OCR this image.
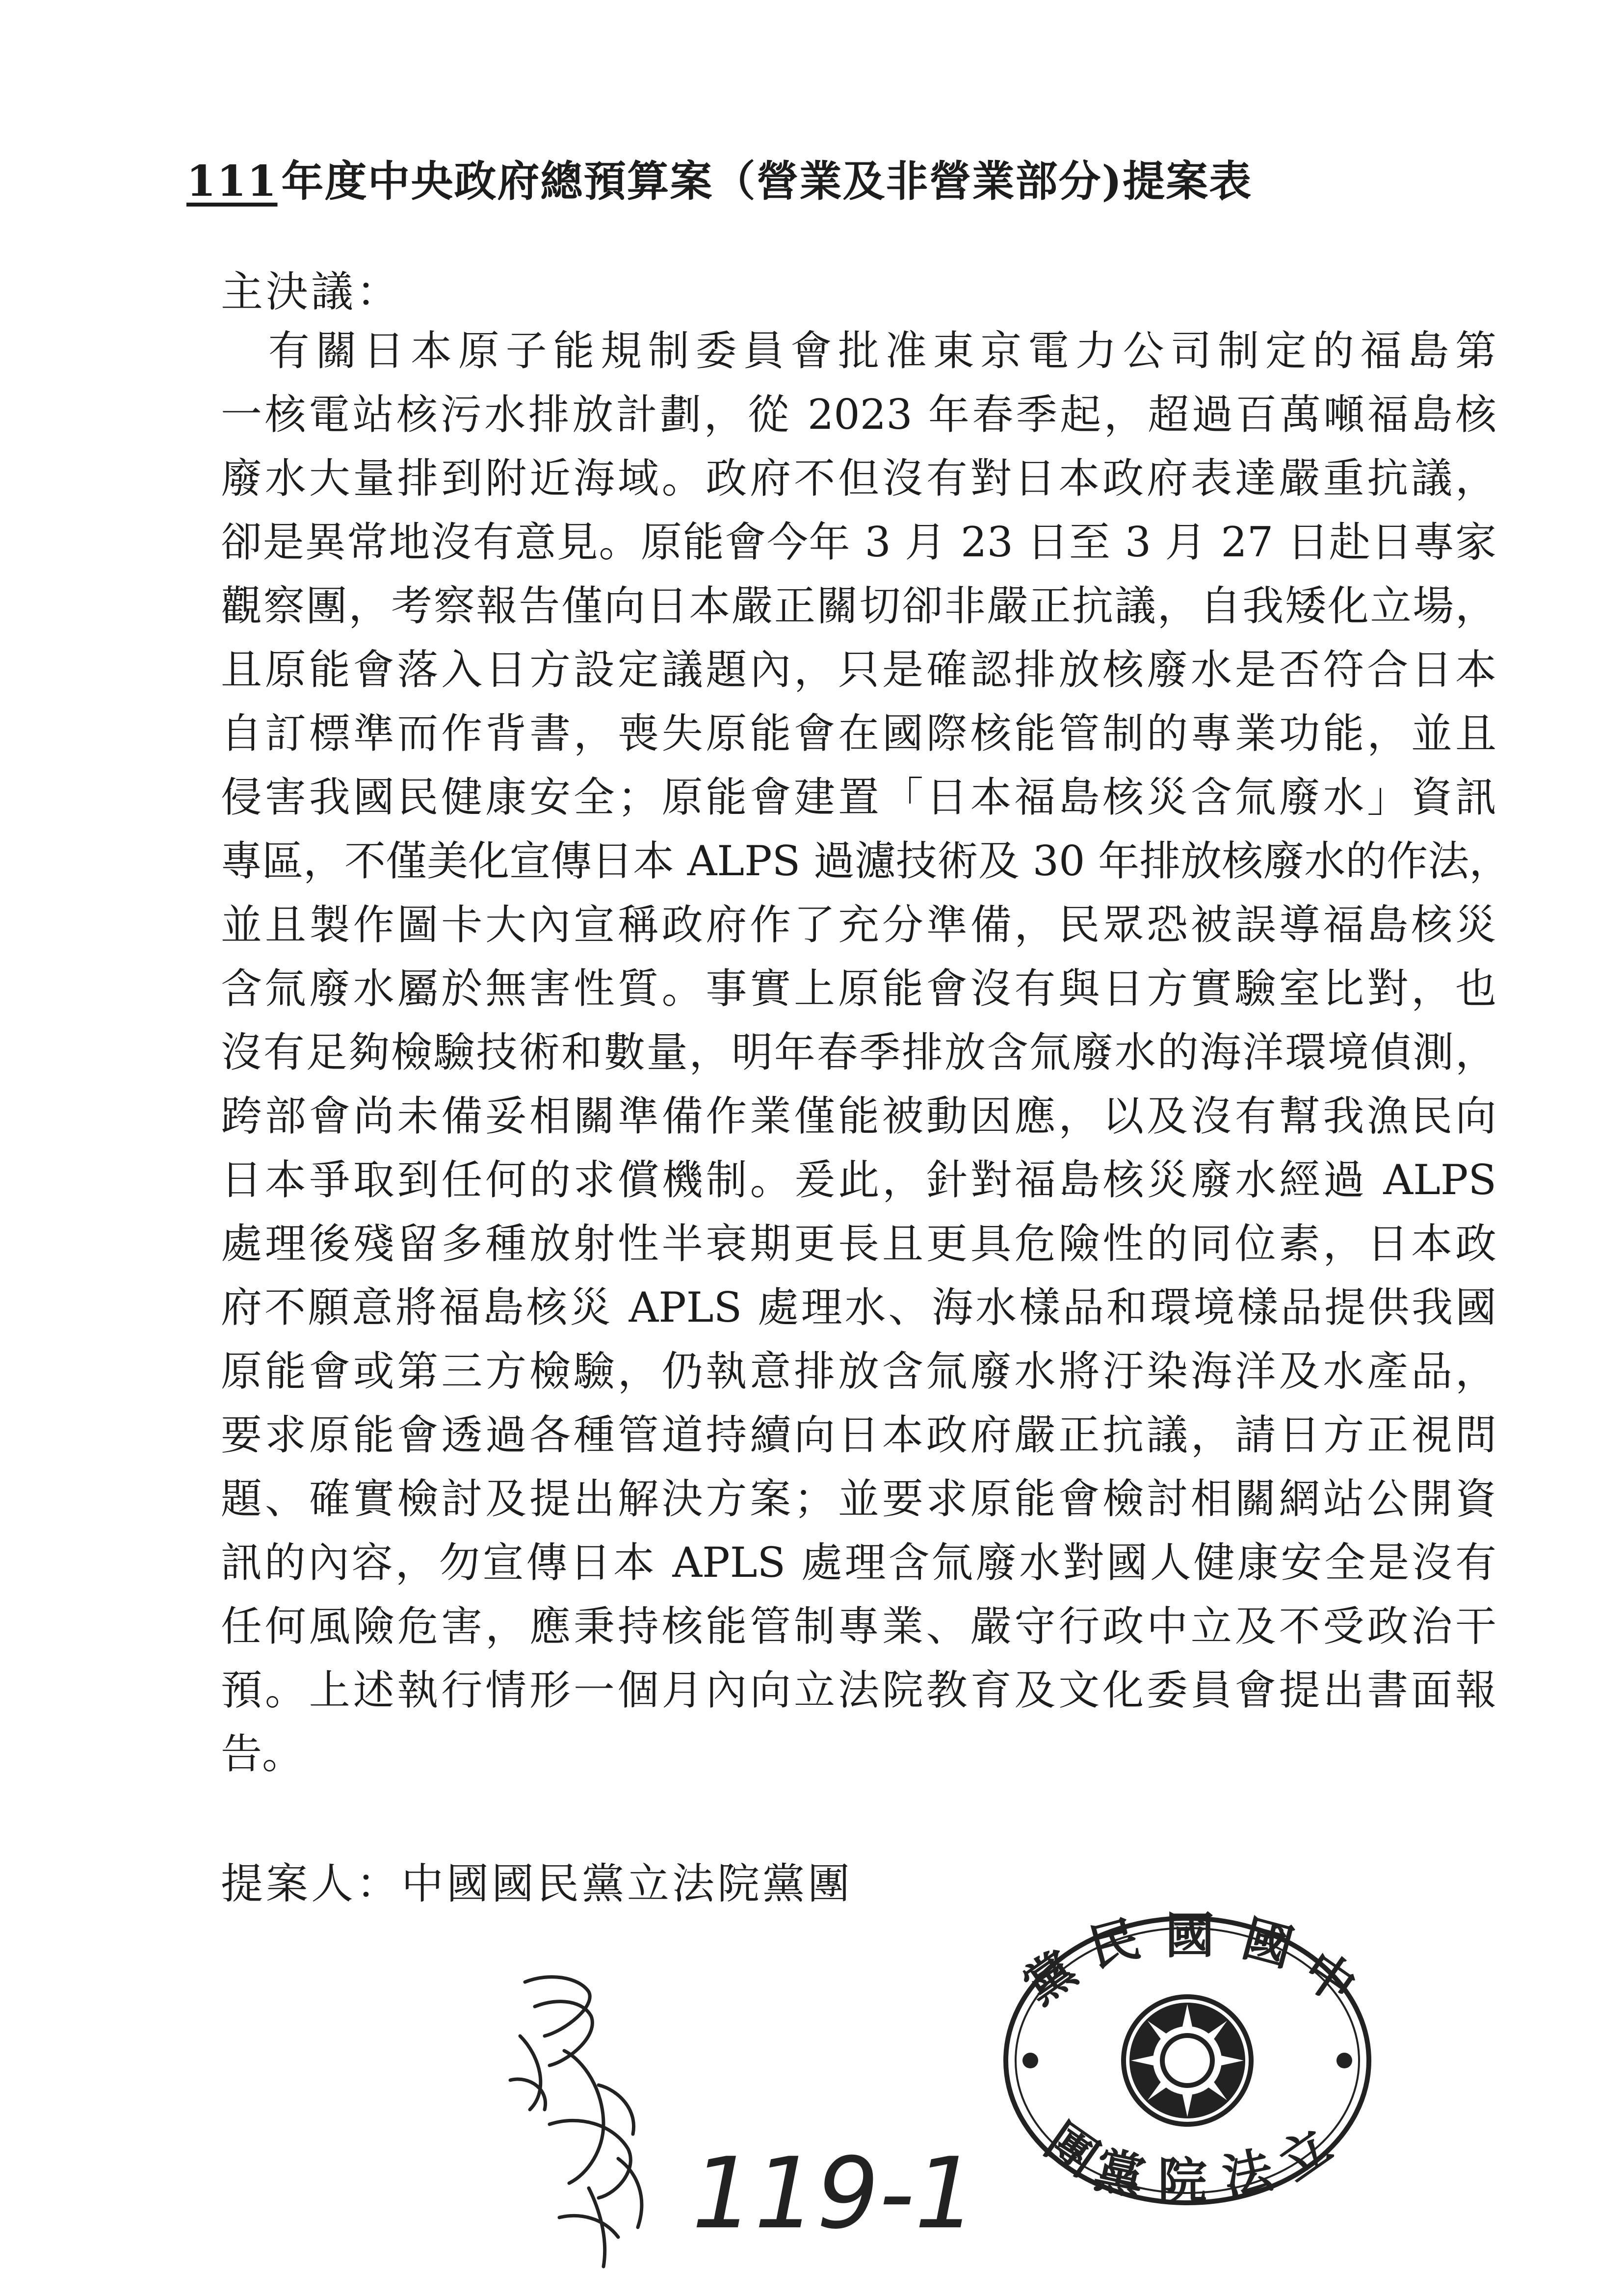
111年度中央政府總預算案（營業及非營業部分)提案表
主決議：
　有關日本原子能規制委員會批准東京電力公司制定的福島第
一核電站核污水排放計劃，從 2023 年春季起，超過百萬噸福島核
廢水大量排到附近海域。政府不但沒有對日本政府表達嚴重抗議，
卻是異常地沒有意見。原能會今年 3 月 23 日至 3 月 27 日赴日專家
觀察團，考察報告僅向日本嚴正關切卻非嚴正抗議，自我矮化立場，
且原能會落入日方設定議題內，只是確認排放核廢水是否符合日本
自訂標準而作背書，喪失原能會在國際核能管制的專業功能，並且
侵害我國民健康安全；原能會建置「日本福島核災含氚廢水」資訊
專區，不僅美化宣傳日本 ALPS 過濾技術及 30 年排放核廢水的作法，
並且製作圖卡大內宣稱政府作了充分準備，民眾恐被誤導福島核災
含氚廢水屬於無害性質。事實上原能會沒有與日方實驗室比對，也
沒有足夠檢驗技術和數量，明年春季排放含氚廢水的海洋環境偵測，
跨部會尚未備妥相關準備作業僅能被動因應，以及沒有幫我漁民向
日本爭取到任何的求償機制。爰此，針對福島核災廢水經過 ALPS
處理後殘留多種放射性半衰期更長且更具危險性的同位素，日本政
府不願意將福島核災 APLS 處理水、海水樣品和環境樣品提供我國
原能會或第三方檢驗，仍執意排放含氚廢水將汙染海洋及水產品，
要求原能會透過各種管道持續向日本政府嚴正抗議，請日方正視問
題、確實檢討及提出解決方案；並要求原能會檢討相關網站公開資
訊的內容，勿宣傳日本 APLS 處理含氚廢水對國人健康安全是沒有
任何風險危害，應秉持核能管制專業、嚴守行政中立及不受政治干
預。上述執行情形一個月內向立法院教育及文化委員會提出書面報
告。
提案人：中國國民黨立法院黨團
119-1
中
國
國
民
黨
立
法
院
黨
團
